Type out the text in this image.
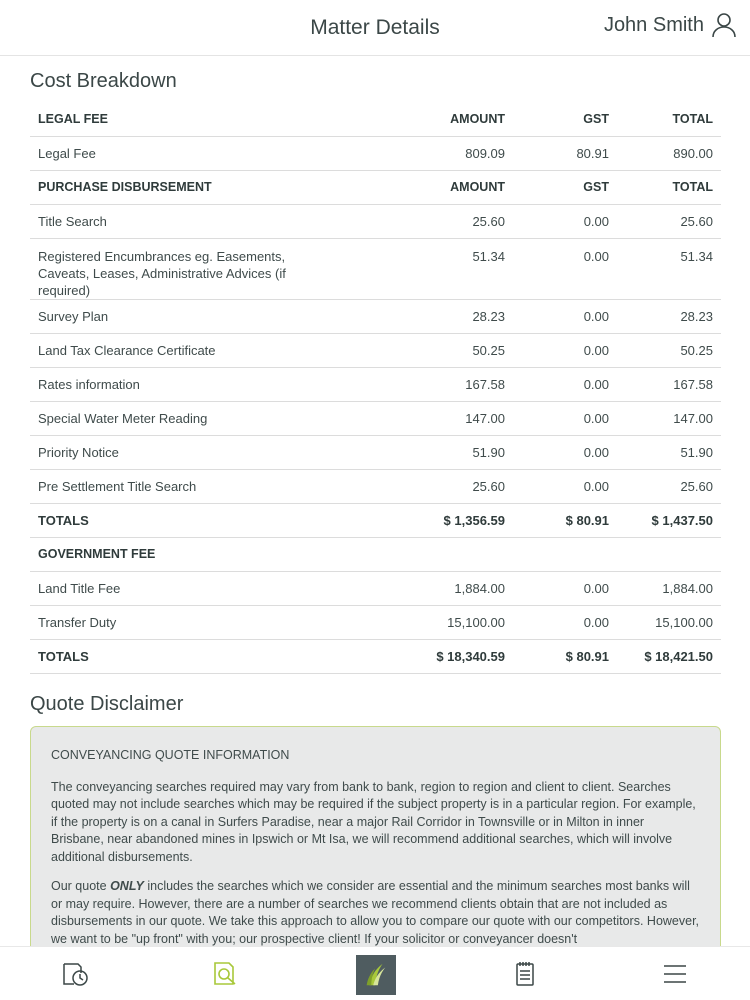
Matter Details	John Smith
Cost Breakdown
LEGAL FEE	AMOUNT	GST	TOTAL
Legal Fee	809.09	80.91	890.00
PURCHASE DISBURSEMENT	AMOUNT	GST	TOTAL
Title Search	25.60	0.00	25.60
Registered Encumbrances eg. Easements, Caveats, Leases, Administrative Advices (if required)	51.34	0.00	51.34
Survey Plan	28.23	0.00	28.23
Land Tax Clearance Certificate	50.25	0.00	50.25
Rates information	167.58	0.00	167.58
Special Water Meter Reading	147.00	0.00	147.00
Priority Notice	51.90	0.00	51.90
Pre Settlement Title Search	25.60	0.00	25.60
TOTALS	$ 1,356.59	$ 80.91	$ 1,437.50
GOVERNMENT FEE			
Land Title Fee	1,884.00	0.00	1,884.00
Transfer Duty	15,100.00	0.00	15,100.00
TOTALS	$ 18,340.59	$ 80.91	$ 18,421.50
Quote Disclaimer

CONVEYANCING QUOTE INFORMATION

The conveyancing searches required may vary from bank to bank, region to region and client to client. Searches quoted may not include searches which may be required if the subject property is in a particular region. For example, if the property is on a canal in Surfers Paradise, near a major Rail Corridor in Townsville or in Milton in inner Brisbane, near abandoned mines in Ipswich or Mt Isa, we will recommend additional searches, which will involve additional disbursements.

Our quote ONLY includes the searches which we consider are essential and the minimum searches most banks will or may require. However, there are a number of searches we recommend clients obtain that are not included as disbursements in our quote. We take this approach to allow you to compare our quote with our competitors. However, we want to be "up front" with you; our prospective client! If your solicitor or conveyancer doesn't
